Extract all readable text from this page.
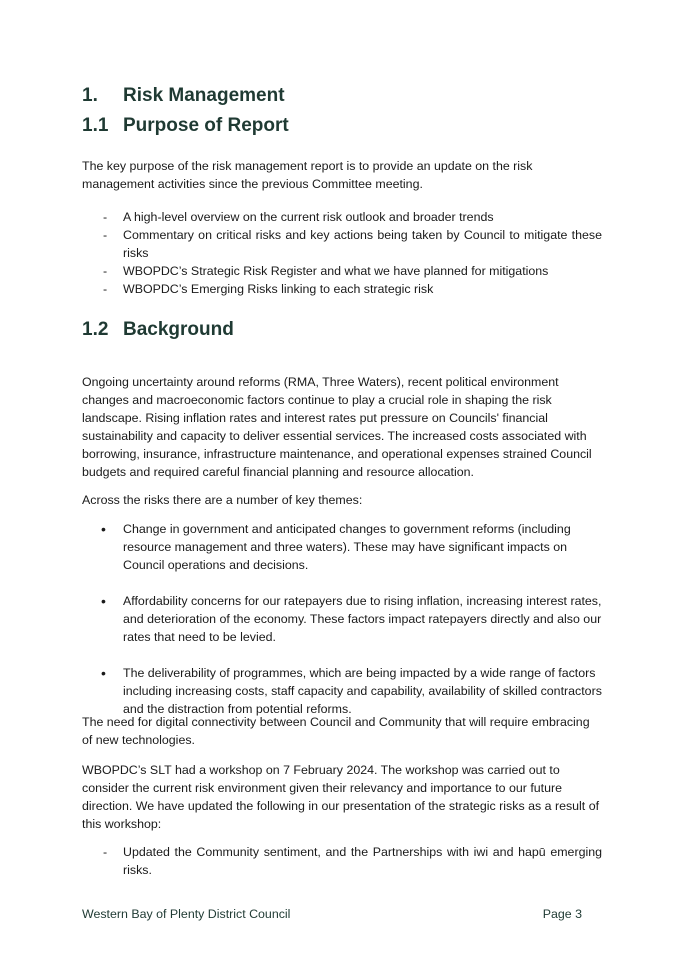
1. Risk Management
1.1 Purpose of Report

The key purpose of the risk management report is to provide an update on the risk management activities since the previous Committee meeting.

- A high-level overview on the current risk outlook and broader trends
- Commentary on critical risks and key actions being taken by Council to mitigate these risks
- WBOPDC’s Strategic Risk Register and what we have planned for mitigations
- WBOPDC’s Emerging Risks linking to each strategic risk
1.2 Background

Ongoing uncertainty around reforms (RMA, Three Waters), recent political environment changes and macroeconomic factors continue to play a crucial role in shaping the risk landscape. Rising inflation rates and interest rates put pressure on Councils' financial sustainability and capacity to deliver essential services. The increased costs associated with borrowing, insurance, infrastructure maintenance, and operational expenses strained Council budgets and required careful financial planning and resource allocation.

Across the risks there are a number of key themes:

• Change in government and anticipated changes to government reforms (including resource management and three waters). These may have significant impacts on Council operations and decisions.
• Affordability concerns for our ratepayers due to rising inflation, increasing interest rates, and deterioration of the economy. These factors impact ratepayers directly and also our rates that need to be levied.
• The deliverability of programmes, which are being impacted by a wide range of factors including increasing costs, staff capacity and capability, availability of skilled contractors and the distraction from potential reforms.

The need for digital connectivity between Council and Community that will require embracing of new technologies.

WBOPDC’s SLT had a workshop on 7 February 2024. The workshop was carried out to consider the current risk environment given their relevancy and importance to our future direction. We have updated the following in our presentation of the strategic risks as a result of this workshop:

- Updated the Community sentiment, and the Partnerships with iwi and hapū emerging risks.
Western Bay of Plenty District Council	Page 3
